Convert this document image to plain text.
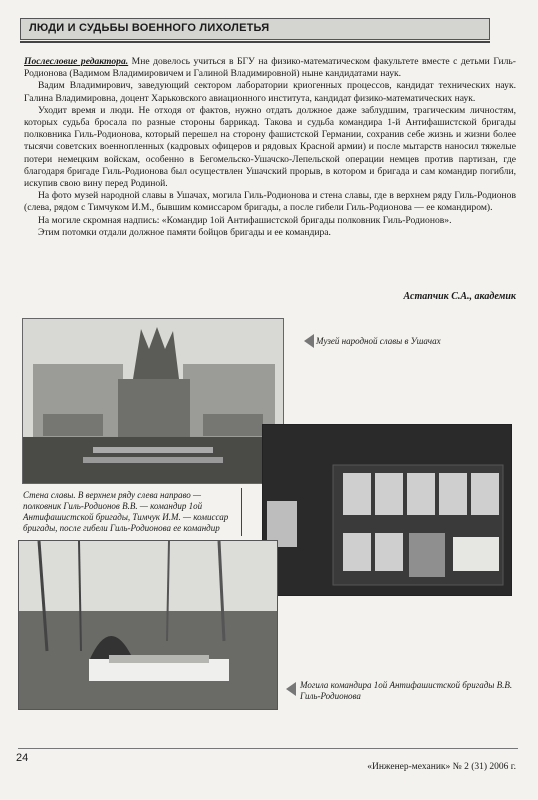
ЛЮДИ И СУДЬБЫ ВОЕННОГО ЛИХОЛЕТЬЯ

Послесловие редактора. Мне довелось учиться в БГУ на физико-математическом факультете вместе с детьми Гиль-Родионова (Вадимом Владимировичем и Галиной Владимировной) ныне кандидатами наук.

Вадим Владимирович, заведующий сектором лаборатории криогенных процессов, кандидат технических наук. Галина Владимировна, доцент Харьковского авиационного института, кандидат физико-математических наук.

Уходит время и люди. Не отходя от фактов, нужно отдать должное даже заблудшим, трагическим личностям, которых судьба бросала по разные стороны баррикад. Такова и судьба командира 1-й Антифашистской бригады полковника Гиль-Родионова, который перешел на сторону фашистской Германии, сохранив себе жизнь и жизни более тысячи советских военнопленных (кадровых офицеров и рядовых Красной армии) и после мытарств наносил тяжелые потери немецким войскам, особенно в Бегомельско-Ушачско-Лепельской операции немцев против партизан, где благодаря бригаде Гиль-Родионова был осуществлен Ушачский прорыв, в котором и бригада и сам командир погибли, искупив свою вину перед Родиной.

На фото музей народной славы в Ушачах, могила Гиль-Родионова и стена славы, где в верхнем ряду Гиль-Родионов (слева, рядом с Тимчуком И.М., бывшим комиссаром бригады, а после гибели Гиль-Родионова — ее командиром).

На могиле скромная надпись: «Командир 1ой Антифашистской бригады полковник Гиль-Родионов».

Этим потомки отдали должное памяти бойцов бригады и ее командира.

Астапчик С.А., академик
Музей народной славы в Ушачах
Стена славы. В верхнем ряду слева направо — полковник Гиль-Родионов В.В. — командир 1ой Антифашистской бригады, Тимчук И.М. — комиссар бригады, после гибели Гиль-Родионова ее командир
Могила командира 1ой Антифашистской бригады В.В. Гиль-Родионова
24
«Инженер-механик» № 2 (31) 2006 г.
